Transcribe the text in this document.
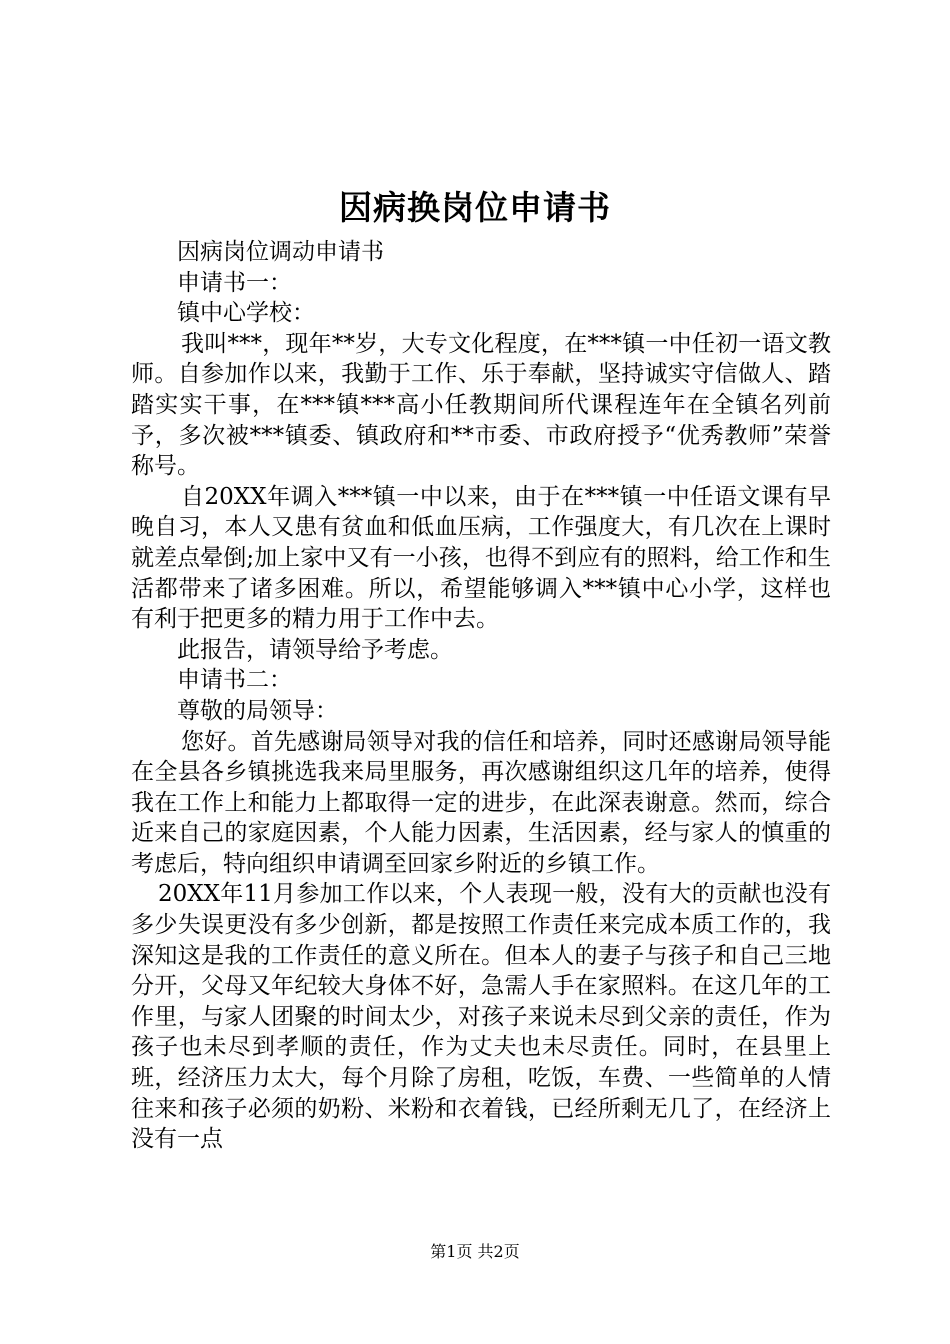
因病换岗位申请书

因病岗位调动申请书

申请书一：

镇中心学校：

我叫***，现年**岁，大专文化程度，在***镇一中任初一语文教师。自参加作以来，我勤于工作、乐于奉献，坚持诚实守信做人、踏踏实实干事，在***镇***高小任教期间所代课程连年在全镇名列前予，多次被***镇委、镇政府和**市委、市政府授予“优秀教师”荣誉称号。

自20XX年调入***镇一中以来，由于在***镇一中任语文课有早晚自习，本人又患有贫血和低血压病，工作强度大，有几次在上课时就差点晕倒;加上家中又有一小孩，也得不到应有的照料，给工作和生活都带来了诸多困难。所以，希望能够调入***镇中心小学，这样也有利于把更多的精力用于工作中去。

此报告，请领导给予考虑。

申请书二：

尊敬的局领导：

您好。首先感谢局领导对我的信任和培养，同时还感谢局领导能在全县各乡镇挑选我来局里服务，再次感谢组织这几年的培养，使得我在工作上和能力上都取得一定的进步，在此深表谢意。然而，综合近来自己的家庭因素，个人能力因素，生活因素，经与家人的慎重的考虑后，特向组织申请调至回家乡附近的乡镇工作。

20XX年11月参加工作以来，个人表现一般，没有大的贡献也没有多少失误更没有多少创新，都是按照工作责任来完成本质工作的，我深知这是我的工作责任的意义所在。但本人的妻子与孩子和自己三地分开，父母又年纪较大身体不好，急需人手在家照料。在这几年的工作里，与家人团聚的时间太少，对孩子来说未尽到父亲的责任，作为孩子也未尽到孝顺的责任，作为丈夫也未尽责任。同时，在县里上班，经济压力太大，每个月除了房租，吃饭，车费、一些简单的人情往来和孩子必须的奶粉、米粉和衣着钱，已经所剩无几了，在经济上没有一点

第1页 共2页
